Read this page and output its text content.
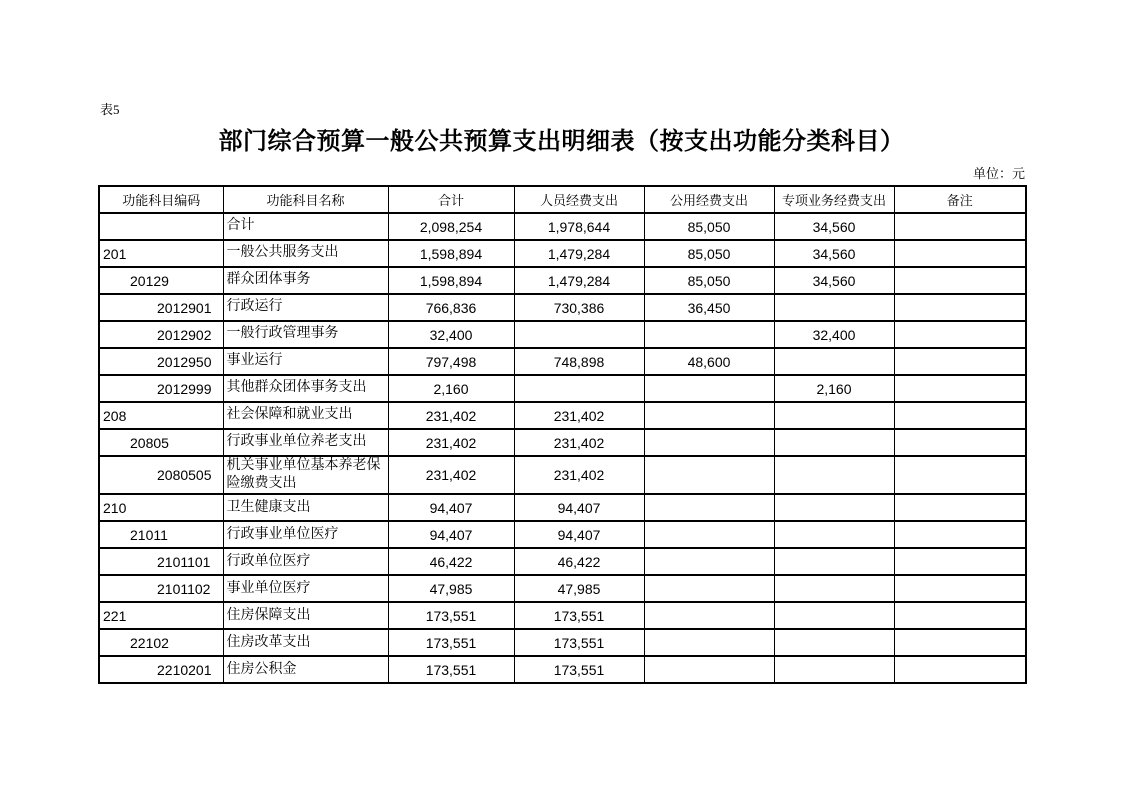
表5
部门综合预算一般公共预算支出明细表（按支出功能分类科目）
单位：元
功能科目编码	功能科目名称	合计	人员经费支出	公用经费支出	专项业务经费支出	备注
	合计	2,098,254	1,978,644	85,050	34,560	
201	一般公共服务支出	1,598,894	1,479,284	85,050	34,560	
20129	群众团体事务	1,598,894	1,479,284	85,050	34,560	
2012901	行政运行	766,836	730,386	36,450		
2012902	一般行政管理事务	32,400			32,400	
2012950	事业运行	797,498	748,898	48,600		
2012999	其他群众团体事务支出	2,160			2,160	
208	社会保障和就业支出	231,402	231,402			
20805	行政事业单位养老支出	231,402	231,402			
2080505	机关事业单位基本养老保险缴费支出	231,402	231,402			
210	卫生健康支出	94,407	94,407			
21011	行政事业单位医疗	94,407	94,407			
2101101	行政单位医疗	46,422	46,422			
2101102	事业单位医疗	47,985	47,985			
221	住房保障支出	173,551	173,551			
22102	住房改革支出	173,551	173,551			
2210201	住房公积金	173,551	173,551			
